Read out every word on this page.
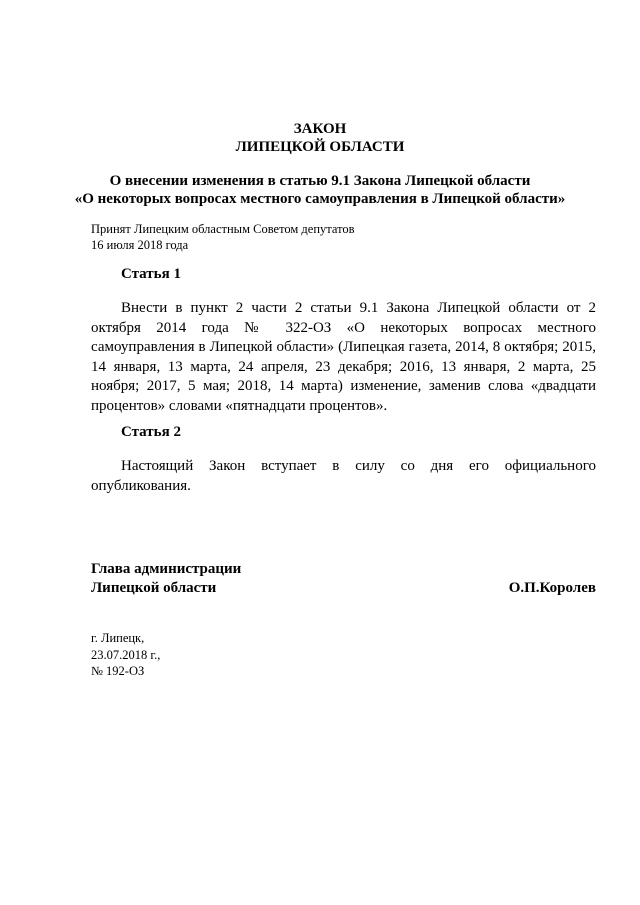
ЗАКОН
ЛИПЕЦКОЙ ОБЛАСТИ
О внесении изменения в статью 9.1 Закона Липецкой области
«О некоторых вопросах местного самоуправления в Липецкой области»
Принят Липецким областным Советом депутатов
16 июля 2018 года
Статья 1
Внести в пункт 2 части 2 статьи 9.1 Закона Липецкой области от 2 октября 2014 года № 322-ОЗ «О некоторых вопросах местного самоуправления в Липецкой области» (Липецкая газета, 2014, 8 октября; 2015, 14 января, 13 марта, 24 апреля, 23 декабря; 2016, 13 января, 2 марта, 25 ноября; 2017, 5 мая; 2018, 14 марта) изменение, заменив слова «двадцати процентов» словами «пятнадцати процентов».
Статья 2
Настоящий Закон вступает в силу со дня его официального опубликования.
Глава администрации
Липецкой области	О.П.Королев
г. Липецк,
23.07.2018 г.,
№ 192-ОЗ
